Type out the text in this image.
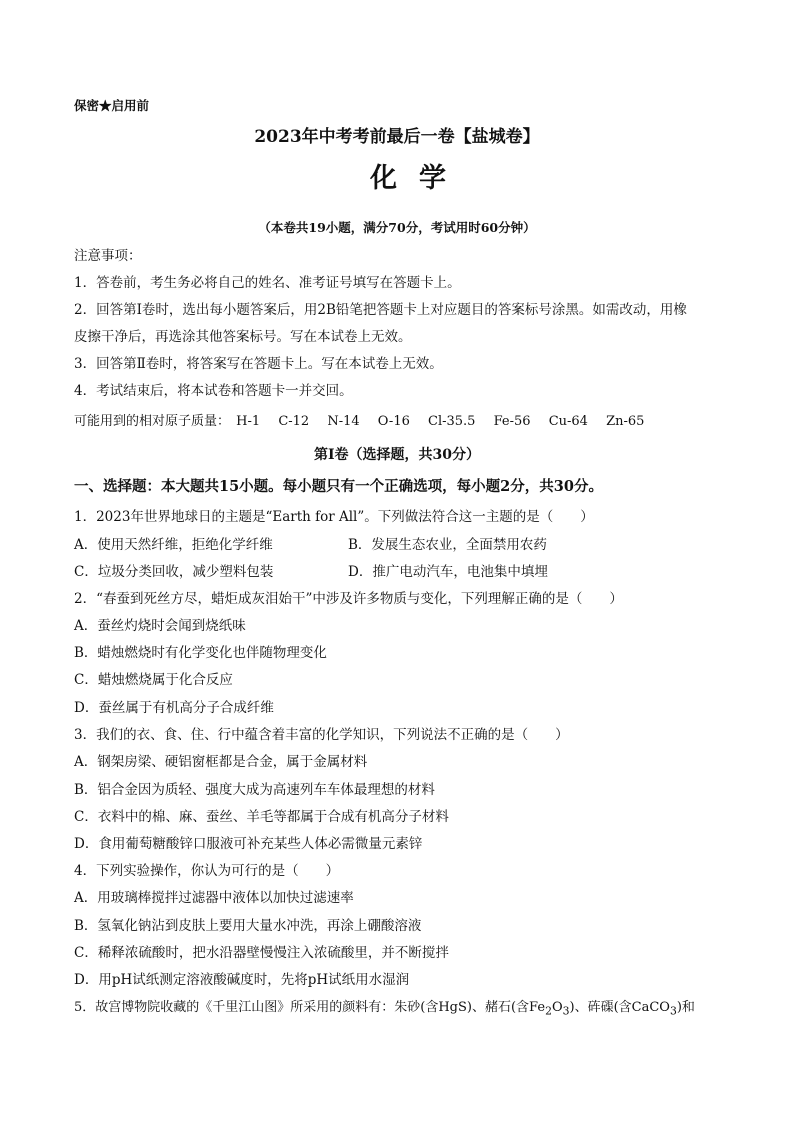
保密★启用前
2023年中考考前最后一卷【盐城卷】
化学
（本卷共19小题，满分70分，考试用时60分钟）
注意事项：
1．答卷前，考生务必将自己的姓名、准考证号填写在答题卡上。
2．回答第Ⅰ卷时，选出每小题答案后，用2B铅笔把答题卡上对应题目的答案标号涂黑。如需改动，用橡
皮擦干净后，再选涂其他答案标号。写在本试卷上无效。
3．回答第Ⅱ卷时，将答案写在答题卡上。写在本试卷上无效。
4．考试结束后，将本试卷和答题卡一并交回。
可能用到的相对原子质量： H-1 C-12 N-14 O-16 Cl-35.5 Fe-56 Cu-64 Zn-65
第Ⅰ卷（选择题，共30分）
一、选择题：本大题共15小题。每小题只有一个正确选项，每小题2分，共30分。
1．2023年世界地球日的主题是“Earth for All”。下列做法符合这一主题的是（　　）
A．使用天然纤维，拒绝化学纤维	B．发展生态农业，全面禁用农药
C．垃圾分类回收，减少塑料包装	D．推广电动汽车，电池集中填埋
2．“春蚕到死丝方尽，蜡炬成灰泪始干”中涉及许多物质与变化，下列理解正确的是（　　）
A．蚕丝灼烧时会闻到烧纸味
B．蜡烛燃烧时有化学变化也伴随物理变化
C．蜡烛燃烧属于化合反应
D．蚕丝属于有机高分子合成纤维
3．我们的衣、食、住、行中蕴含着丰富的化学知识，下列说法不正确的是（　　）
A．钢架房梁、硬铝窗框都是合金，属于金属材料
B．铝合金因为质轻、强度大成为高速列车车体最理想的材料
C．衣料中的棉、麻、蚕丝、羊毛等都属于合成有机高分子材料
D．食用葡萄糖酸锌口服液可补充某些人体必需微量元素锌
4．下列实验操作，你认为可行的是（　　）
A．用玻璃棒搅拌过滤器中液体以加快过滤速率
B．氢氧化钠沾到皮肤上要用大量水冲洗，再涂上硼酸溶液
C．稀释浓硫酸时，把水沿器壁慢慢注入浓硫酸里，并不断搅拌
D．用pH试纸测定溶液酸碱度时，先将pH试纸用水湿润
5．故宫博物院收藏的《千里江山图》所采用的颜料有：朱砂(含HgS)、赭石(含$Fe_2O_3$)、砗磲(含CaCO$_3$)和
